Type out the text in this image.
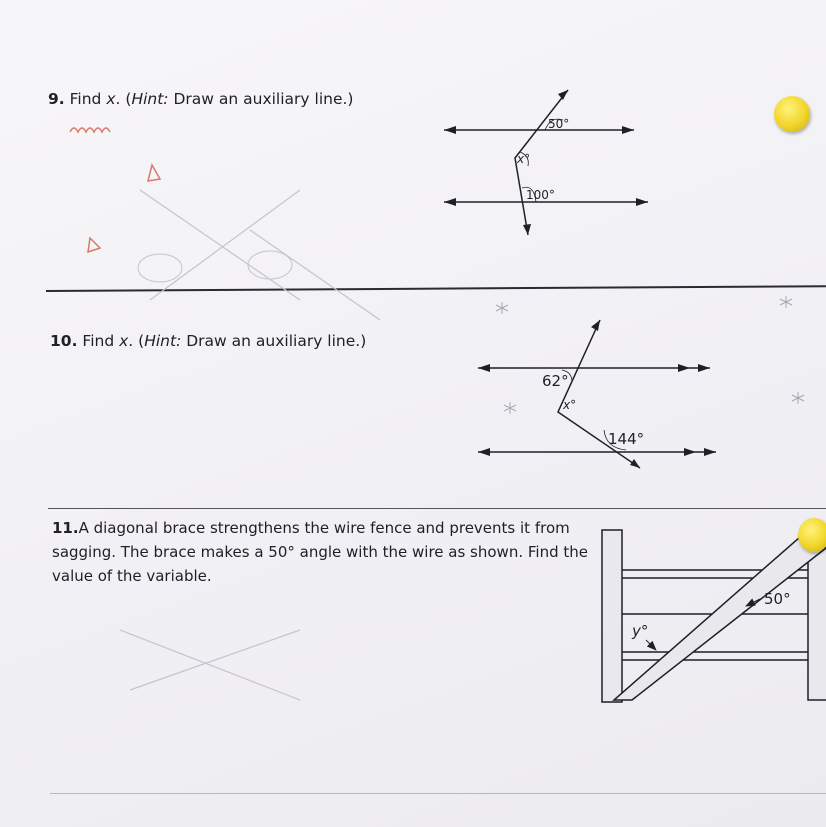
9. Find x. (Hint: Draw an auxiliary line.)
10. Find x. (Hint: Draw an auxiliary line.)
11.A diagonal brace strengthens the wire fence and prevents it from sagging. The brace makes a 50° angle with the wire as shown. Find the value of the variable.
50°
x°
100°
62°
x°
144°
50°
y°
